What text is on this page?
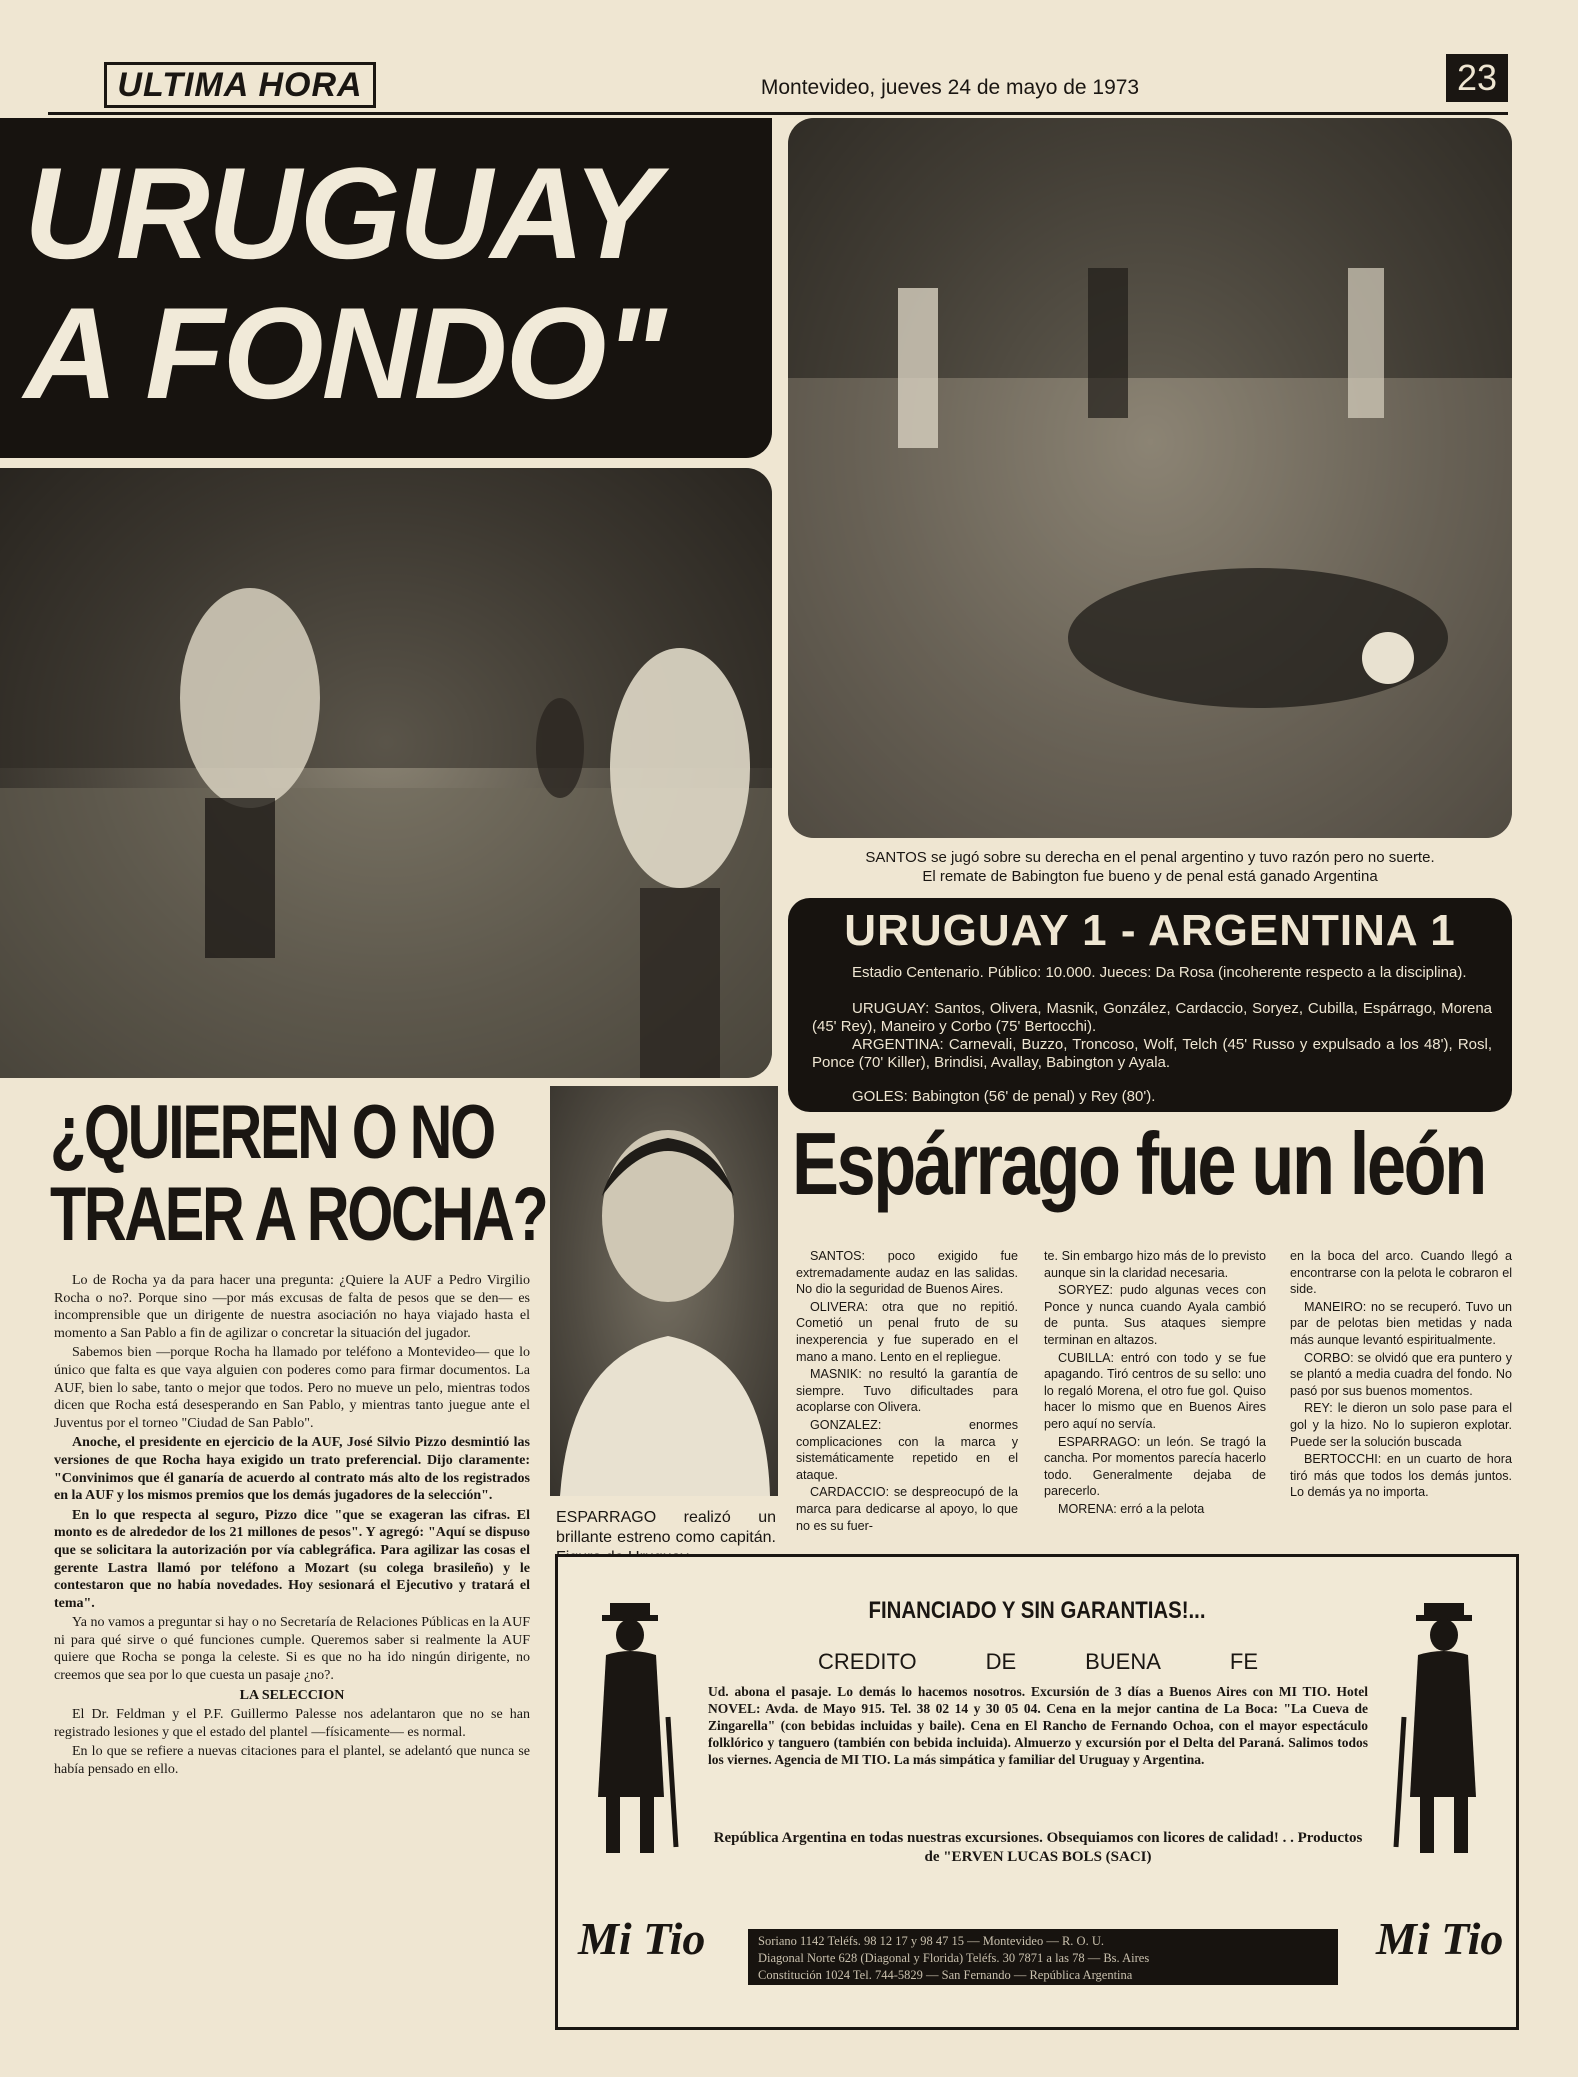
ULTIMA HORA	Montevideo, jueves 24 de mayo de 1973	23
URUGUAY
A FONDO"
SANTOS se jugó sobre su derecha en el penal argentino y tuvo razón pero no suerte.
El remate de Babington fue bueno y de penal está ganado Argentina
URUGUAY 1 - ARGENTINA 1
Estadio Centenario. Público: 10.000. Jueces: Da Rosa (incoherente respecto a la disciplina).
URUGUAY: Santos, Olivera, Masnik, González, Cardaccio, Soryez, Cubilla, Espárrago, Morena (45' Rey), Maneiro y Corbo (75' Bertocchi).
ARGENTINA: Carnevali, Buzzo, Troncoso, Wolf, Telch (45' Russo y expulsado a los 48'), Rosl, Ponce (70' Killer), Brindisi, Avallay, Babington y Ayala.
GOLES: Babington (56' de penal) y Rey (80').
¿QUIEREN O NO
TRAER A ROCHA?

Lo de Rocha ya da para hacer una pregunta: ¿Quiere la AUF a Pedro Virgilio Rocha o no?. Porque sino —por más excusas de falta de pesos que se den— es incomprensible que un dirigente de nuestra asociación no haya viajado hasta el momento a San Pablo a fin de agilizar o concretar la situación del jugador.

Sabemos bien —porque Rocha ha llamado por teléfono a Montevideo— que lo único que falta es que vaya alguien con poderes como para firmar documentos. La AUF, bien lo sabe, tanto o mejor que todos. Pero no mueve un pelo, mientras todos dicen que Rocha está desesperando en San Pablo, y mientras tanto juegue ante el Juventus por el torneo "Ciudad de San Pablo".

Anoche, el presidente en ejercicio de la AUF, José Silvio Pizzo desmintió las versiones de que Rocha haya exigido un trato preferencial. Dijo claramente: "Convinimos que él ganaría de acuerdo al contrato más alto de los registrados en la AUF y los mismos premios que los demás jugadores de la selección".

En lo que respecta al seguro, Pizzo dice "que se exageran las cifras. El monto es de alrededor de los 21 millones de pesos". Y agregó: "Aquí se dispuso que se solicitara la autorización por vía cablegráfica. Para agilizar las cosas el gerente Lastra llamó por teléfono a Mozart (su colega brasileño) y le contestaron que no había novedades. Hoy sesionará el Ejecutivo y tratará el tema".

Ya no vamos a preguntar si hay o no Secretaría de Relaciones Públicas en la AUF ni para qué sirve o qué funciones cumple. Queremos saber si realmente la AUF quiere que Rocha se ponga la celeste. Si es que no ha ido ningún dirigente, no creemos que sea por lo que cuesta un pasaje ¿no?.

LA SELECCION

El Dr. Feldman y el P.F. Guillermo Palesse nos adelantaron que no se han registrado lesiones y que el estado del plantel —físicamente— es normal.

En lo que se refiere a nuevas citaciones para el plantel, se adelantó que nunca se había pensado en ello.

ESPARRAGO realizó un brillante estreno como capitán.
Espárrago fue un león

SANTOS: poco exigido fue extremadamente audaz en las salidas. No dio la seguridad de Buenos Aires.

OLIVERA: otra que no repitió. Cometió un penal fruto de su inexperencia y fue superado en el mano a mano. Lento en el repliegue.

MASNIK: no resultó la garantía de siempre. Tuvo dificultades para acoplarse con Olivera.

GONZALEZ: enormes complicaciones con la marca y sistemáticamente repetido en el ataque.

CARDACCIO: se despreocupó de la marca para dedicarse al apoyo, lo que no es su fuer-

te. Sin embargo hizo más de lo previsto aunque sin la claridad necesaria.

SORYEZ: pudo algunas veces con Ponce y nunca cuando Ayala cambió de punta. Sus ataques siempre terminan en altazos.

CUBILLA: entró con todo y se fue apagando. Tiró centros de su sello: uno lo regaló Morena, el otro fue gol. Quiso hacer lo mismo que en Buenos Aires pero aquí no servía.

ESPARRAGO: un león. Se tragó la cancha. Por momentos parecía hacerlo todo. Generalmente dejaba de parecerlo.

MORENA: erró a la pelota

en la boca del arco. Cuando llegó a encontrarse con la pelota le cobraron el side.

MANEIRO: no se recuperó. Tuvo un par de pelotas bien metidas y nada más aunque levantó espiritualmente.

CORBO: se olvidó que era puntero y se plantó a media cuadra del fondo. No pasó por sus buenos momentos.

REY: le dieron un solo pase para el gol y la hizo. No lo supieron explotar. Puede ser la solución buscada

BERTOCCHI: en un cuarto de hora tiró más que todos los demás juntos. Lo demás ya no importa.

Mi Tio
FINANCIADO Y SIN GARANTIAS!...
CREDITO	DE	BUENA	FE
Ud. abona el pasaje. Lo demás lo hacemos nosotros. Excursión de 3 días a Buenos Aires con MI TIO. Hotel NOVEL: Avda. de Mayo 915. Tel. 38 02 14 y 30 05 04. Cena en la mejor cantina de La Boca: "La Cueva de Zingarella" (con bebidas incluidas y baile). Cena en El Rancho de Fernando Ochoa, con el mayor espectáculo folklórico y tanguero (también con bebida incluida). Almuerzo y excursión por el Delta del Paraná. Salimos todos los viernes. Agencia de MI TIO. La más simpática y familiar del Uruguay y Argentina.
República Argentina en todas nuestras excursiones. Obsequiamos con licores de calidad! . . Productos de "ERVEN LUCAS BOLS (SACI)
Soriano 1142 Teléfs. 98 12 17 y 98 47 15 — Montevideo — R. O. U.
Diagonal Norte 628 (Diagonal y Florida) Teléfs. 30 7871 a las 78 — Bs. Aires
Constitución 1024 Tel. 744-5829 — San Fernando — República Argentina
Mi Tio
